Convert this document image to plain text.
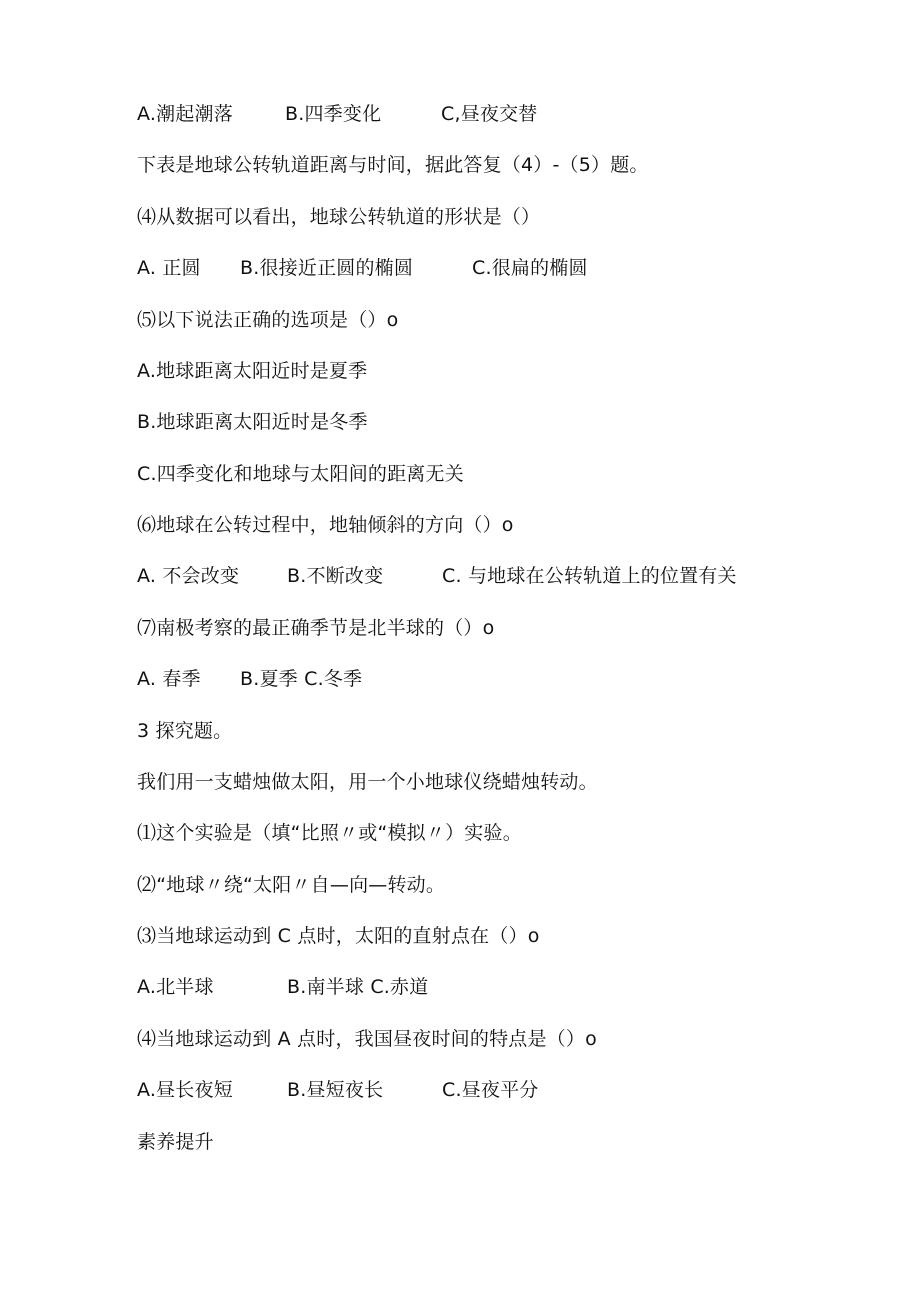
A.潮起潮落	B.四季变化	C,昼夜交替
下表是地球公转轨道距离与时间，据此答复（4）-（5）题。
⑷从数据可以看出，地球公转轨道的形状是（）
A. 正圆 B.很接近正圆的椭圆	C.很扁的椭圆
⑸以下说法正确的选项是（）o
A.地球距离太阳近时是夏季
B.地球距离太阳近时是冬季
C.四季变化和地球与太阳间的距离无关
⑹地球在公转过程中，地轴倾斜的方向（）o
A. 不会改变	B.不断改变	C. 与地球在公转轨道上的位置有关
⑺南极考察的最正确季节是北半球的（）o
A. 春季 B.夏季 C.冬季
3 探究题。
我们用一支蜡烛做太阳，用一个小地球仪绕蜡烛转动。
⑴这个实验是（填“比照〃或“模拟〃）实验。
⑵“地球〃绕“太阳〃自—向—转动。
⑶当地球运动到 C 点时，太阳的直射点在（）o
A.北半球	B.南半球 C.赤道
⑷当地球运动到 A 点时，我国昼夜时间的特点是（）o
A.昼长夜短	B.昼短夜长	C.昼夜平分
素养提升
